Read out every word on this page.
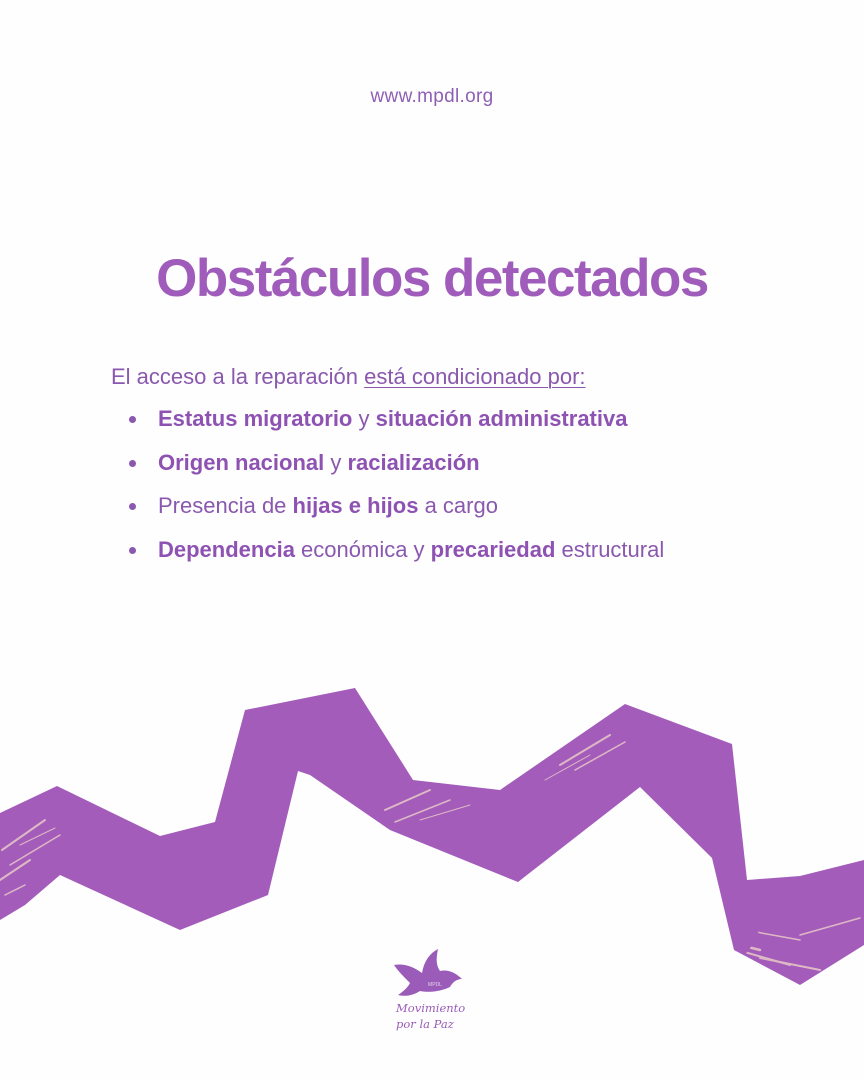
www.mpdl.org
Obstáculos detectados

El acceso a la reparación está condicionado por:

Estatus migratorio y situación administrativa
Origen nacional y racialización
Presencia de hijas e hijos a cargo
Dependencia económica y precariedad estructural
MPDL
Movimiento
por la Paz
